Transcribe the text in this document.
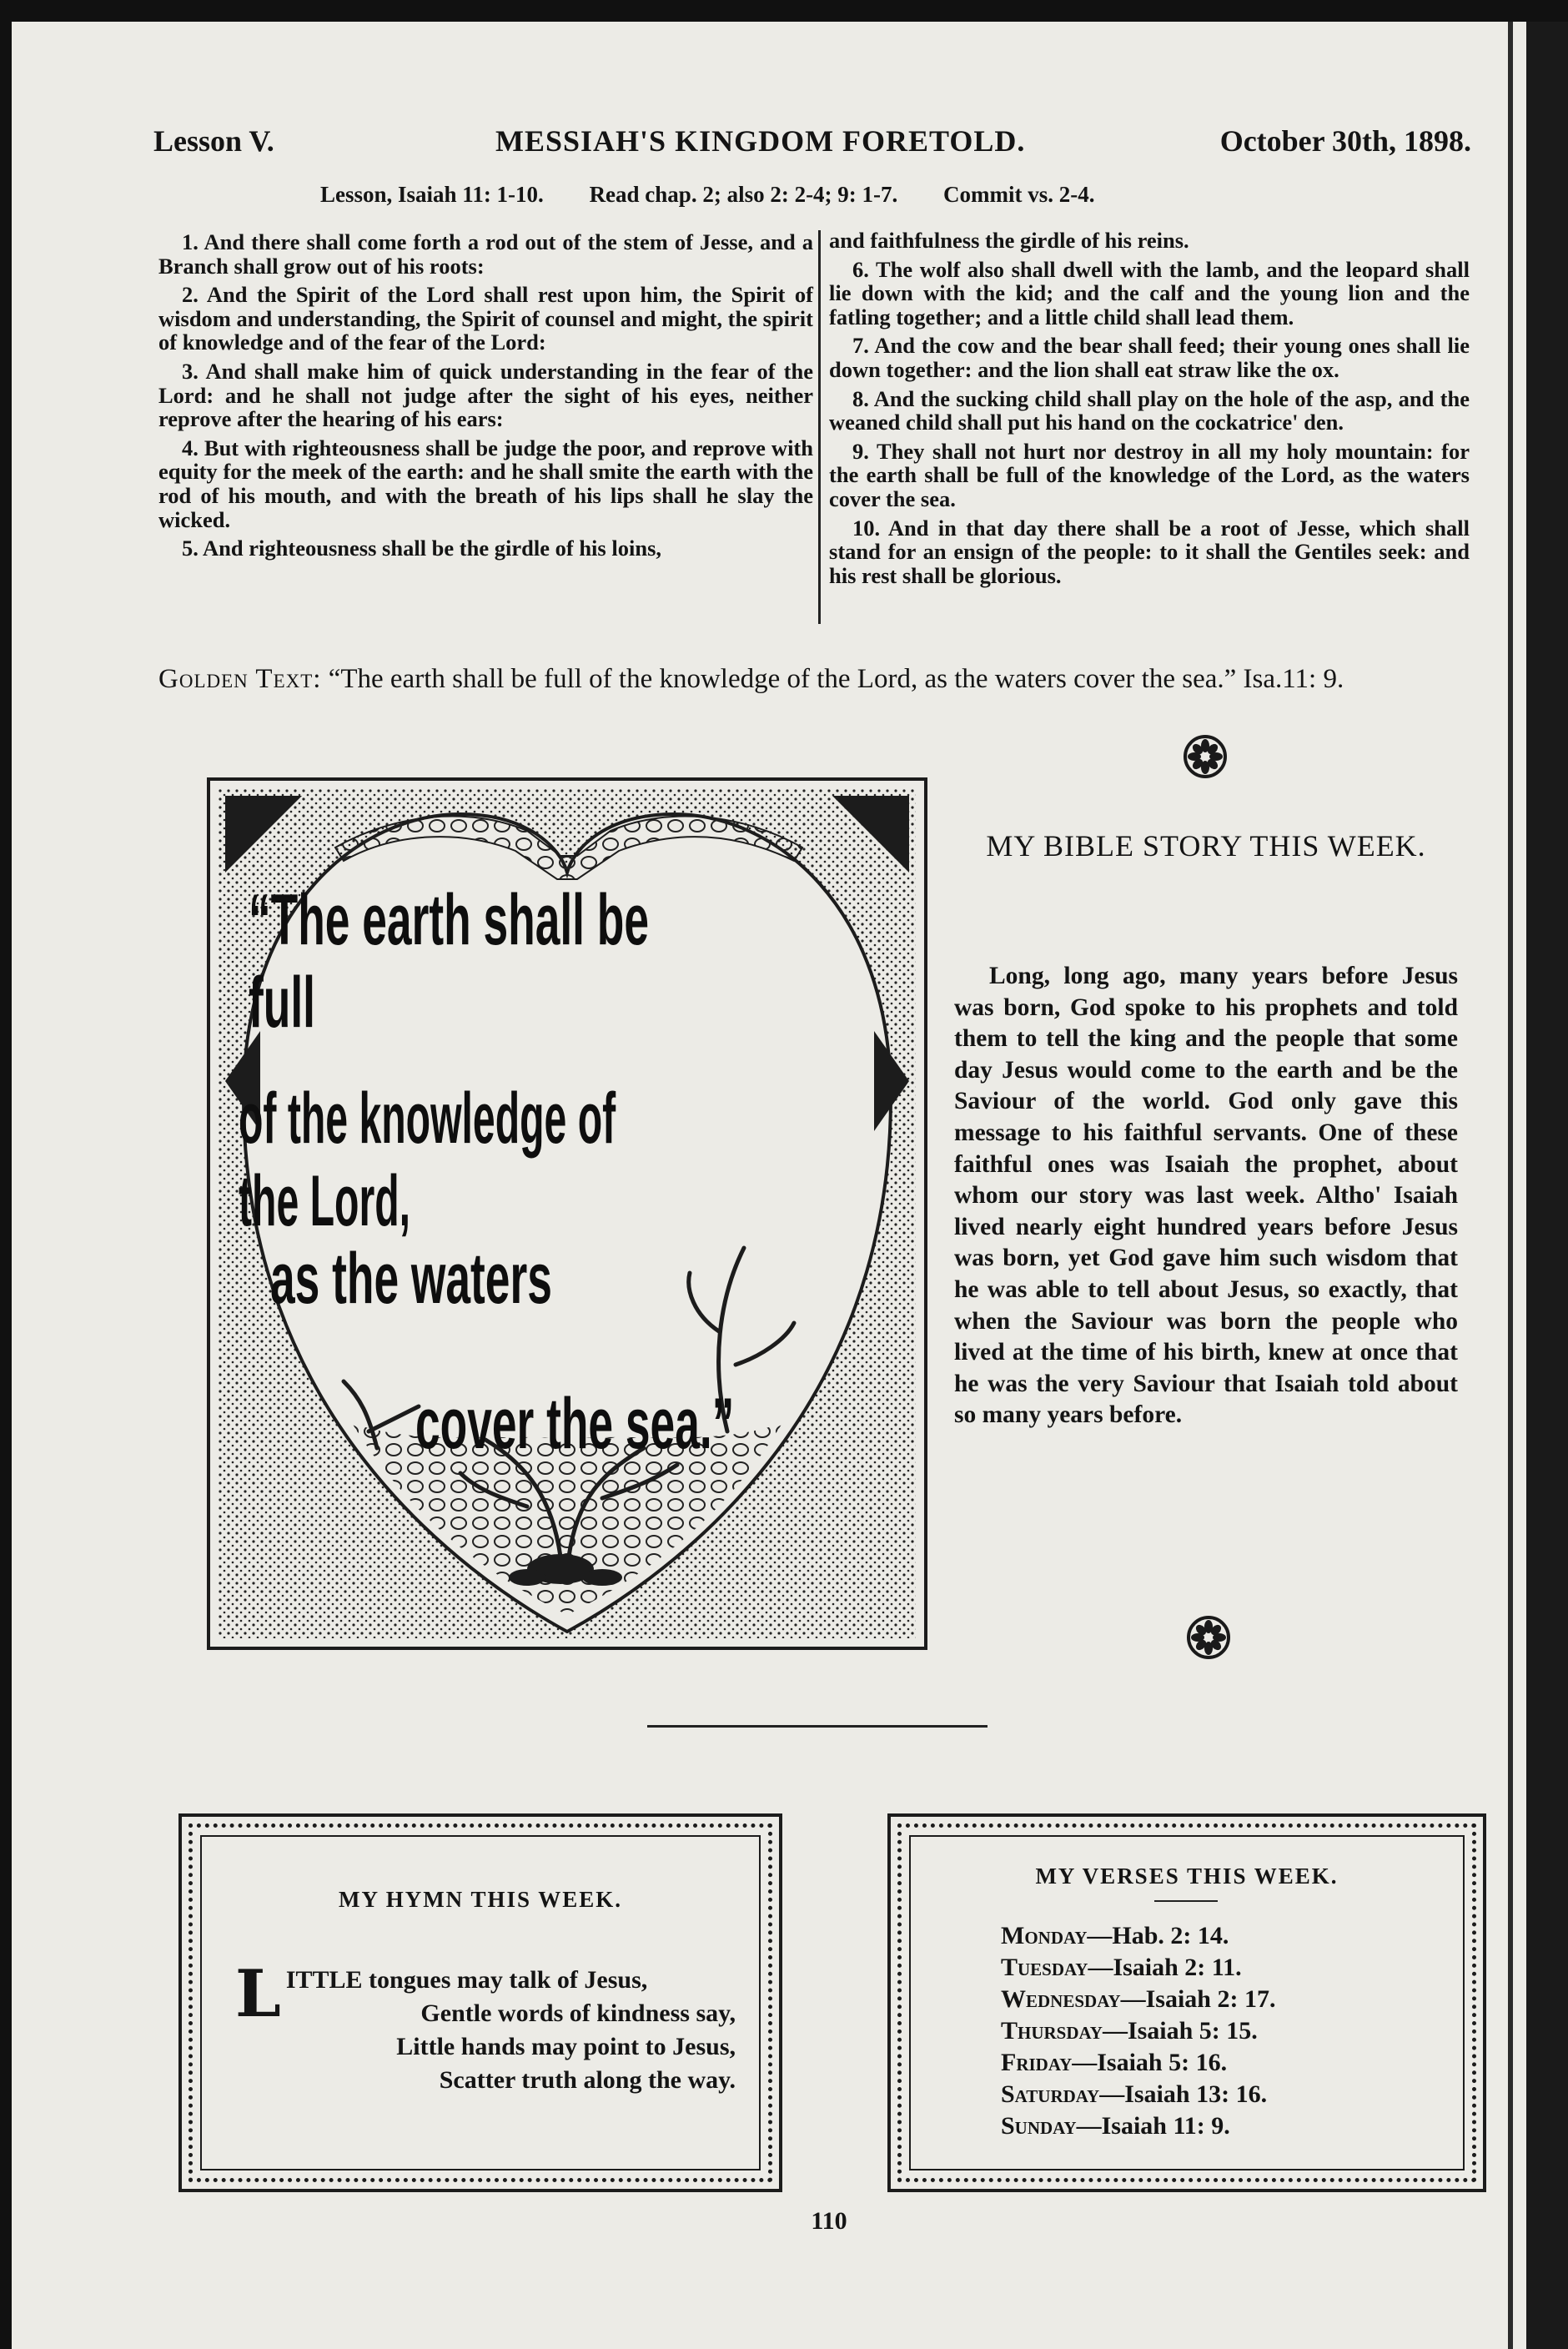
Lesson V.	MESSIAH'S KINGDOM FORETOLD.	October 30th, 1898.
Lesson, Isaiah 11: 1-10. Read chap. 2; also 2: 2-4; 9: 1-7. Commit vs. 2-4.

1. And there shall come forth a rod out of the stem of Jesse, and a Branch shall grow out of his roots:

2. And the Spirit of the Lord shall rest upon him, the Spirit of wisdom and understanding, the Spirit of counsel and might, the spirit of knowledge and of the fear of the Lord:

3. And shall make him of quick understanding in the fear of the Lord: and he shall not judge after the sight of his eyes, neither reprove after the hearing of his ears:

4. But with righteousness shall be judge the poor, and reprove with equity for the meek of the earth: and he shall smite the earth with the rod of his mouth, and with the breath of his lips shall he slay the wicked.

5. And righteousness shall be the girdle of his loins,

and faithfulness the girdle of his reins.

6. The wolf also shall dwell with the lamb, and the leopard shall lie down with the kid; and the calf and the young lion and the fatling together; and a little child shall lead them.

7. And the cow and the bear shall feed; their young ones shall lie down together: and the lion shall eat straw like the ox.

8. And the sucking child shall play on the hole of the asp, and the weaned child shall put his hand on the cockatrice' den.

9. They shall not hurt nor destroy in all my holy mountain: for the earth shall be full of the knowledge of the Lord, as the waters cover the sea.

10. And in that day there shall be a root of Jesse, which shall stand for an ensign of the people: to it shall the Gentiles seek: and his rest shall be glorious.

Golden Text: “The earth shall be full of the knowledge of the Lord, as the waters cover the sea.” Isa.11: 9.
“The earth shall be full
of the knowledge of the Lord,
as the waters
cover the sea.”
MY BIBLE STORY THIS WEEK.

Long, long ago, many years before Jesus was born, God spoke to his prophets and told them to tell the king and the people that some day Jesus would come to the earth and be the Saviour of the world. God only gave this message to his faithful servants. One of these faithful ones was Isaiah the prophet, about whom our story was last week. Altho' Isaiah lived nearly eight hundred years before Jesus was born, yet God gave him such wisdom that he was able to tell about Jesus, so exactly, that when the Saviour was born the people who lived at the time of his birth, knew at once that he was the very Saviour that Isaiah told about so many years before.

MY HYMN THIS WEEK.
LITTLE tongues may talk of Jesus,
Gentle words of kindness say,
Little hands may point to Jesus,
Scatter truth along the way.
MY VERSES THIS WEEK.
Monday—Hab. 2: 14.
Tuesday—Isaiah 2: 11.
Wednesday—Isaiah 2: 17.
Thursday—Isaiah 5: 15.
Friday—Isaiah 5: 16.
Saturday—Isaiah 13: 16.
Sunday—Isaiah 11: 9.
110
